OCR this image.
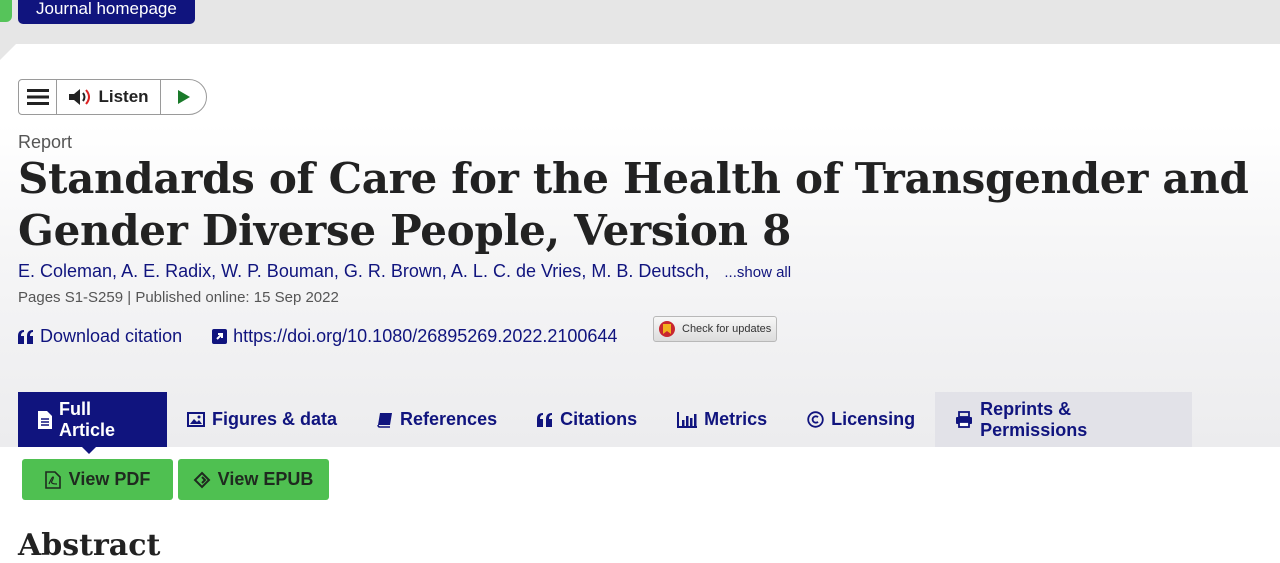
Journal homepage
Listen
Report
Standards of Care for the Health of Transgender and Gender Diverse People, Version 8
E. Coleman, A. E. Radix, W. P. Bouman, G. R. Brown, A. L. C. de Vries, M. B. Deutsch, ...show all
Pages S1-S259 | Published online: 15 Sep 2022
Download citation	https://doi.org/10.1080/26895269.2022.2100644	Check for updates
Full Article
Figures & data	References	Citations	Metrics	Licensing
Reprints & Permissions
View PDF	View EPUB
Abstract
